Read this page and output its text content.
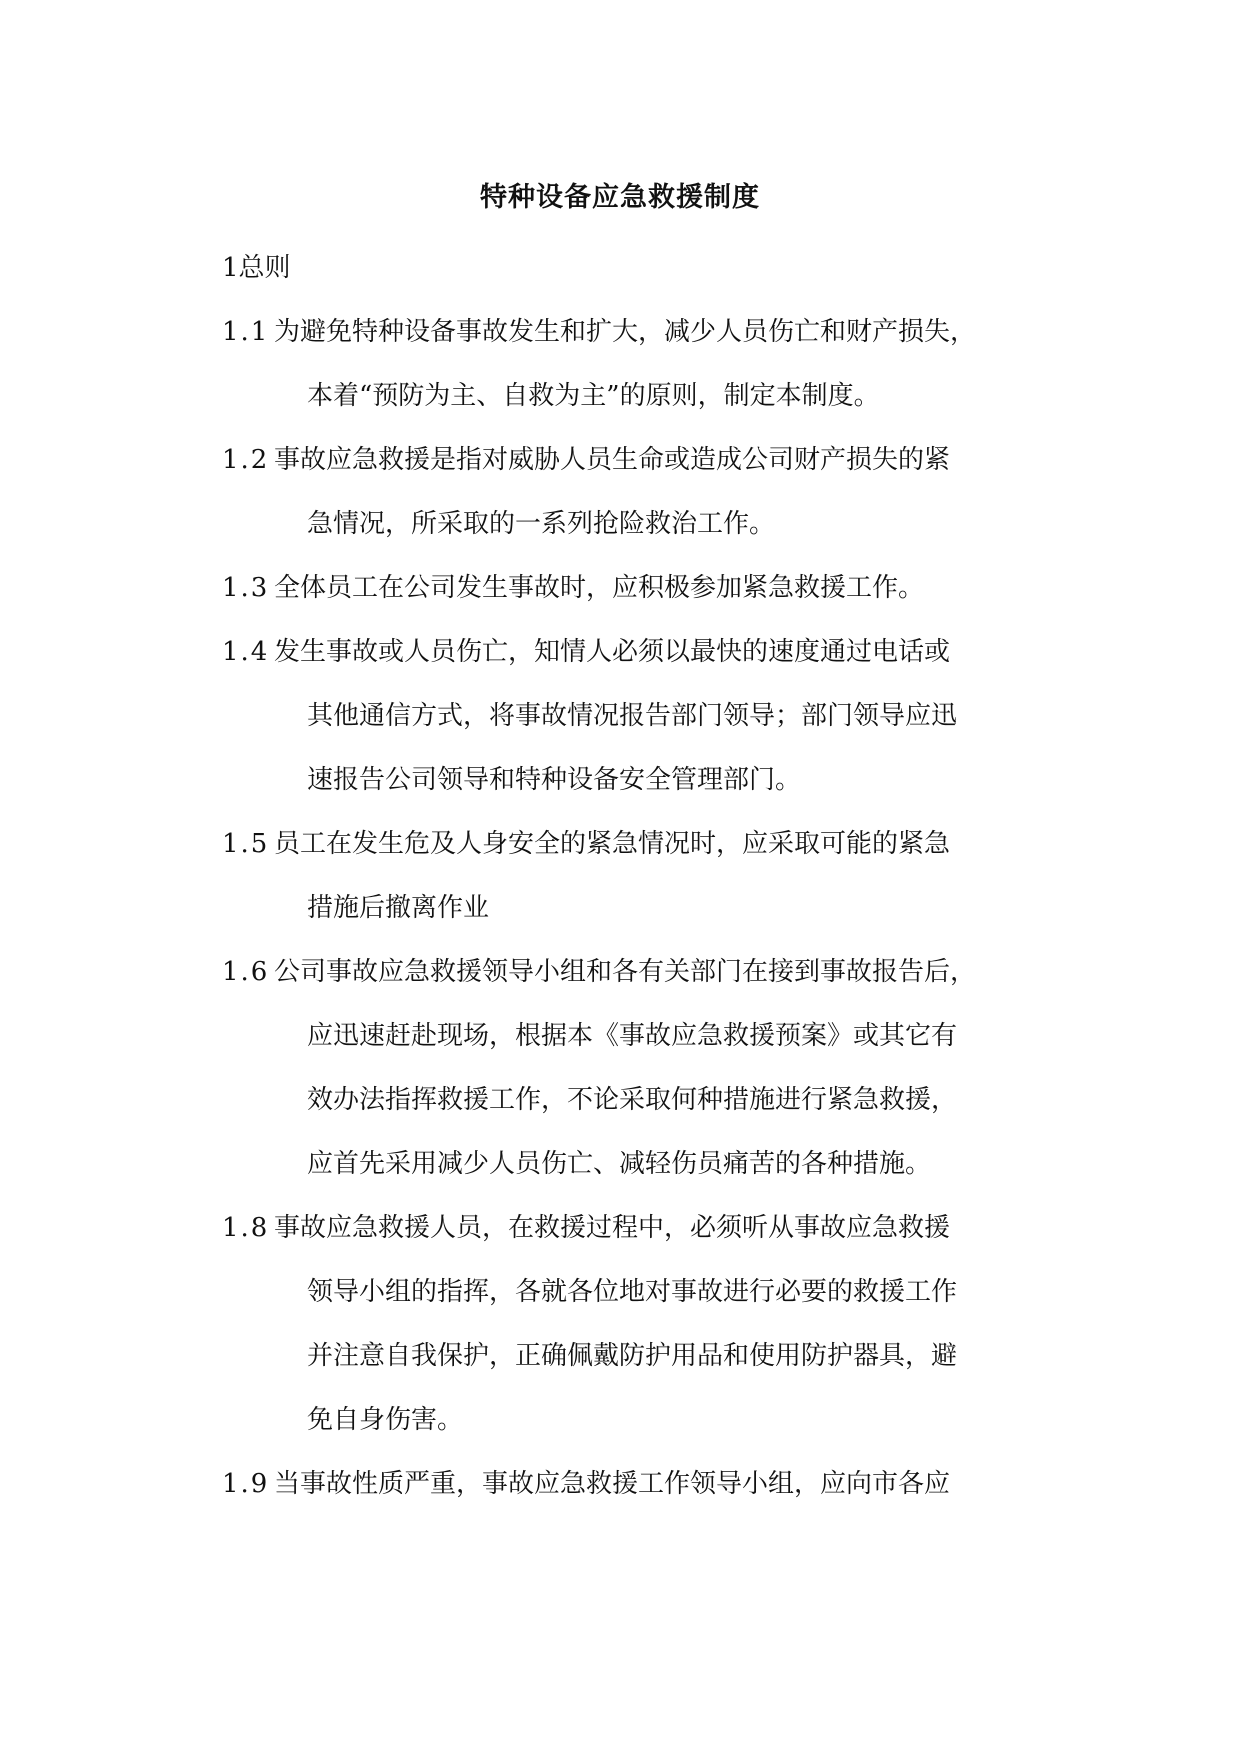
特种设备应急救援制度
1总则
1.1 为避免特种设备事故发生和扩大，减少人员伤亡和财产损失，
本着“预防为主、自救为主”的原则，制定本制度。
1.2 事故应急救援是指对威胁人员生命或造成公司财产损失的紧
急情况，所采取的一系列抢险救治工作。
1.3 全体员工在公司发生事故时，应积极参加紧急救援工作。
1.4 发生事故或人员伤亡，知情人必须以最快的速度通过电话或
其他通信方式，将事故情况报告部门领导；部门领导应迅
速报告公司领导和特种设备安全管理部门。
1.5 员工在发生危及人身安全的紧急情况时，应采取可能的紧急
措施后撤离作业
1.6 公司事故应急救援领导小组和各有关部门在接到事故报告后，
应迅速赶赴现场，根据本《事故应急救援预案》或其它有
效办法指挥救援工作，不论采取何种措施进行紧急救援，
应首先采用减少人员伤亡、减轻伤员痛苦的各种措施。
1.8 事故应急救援人员，在救援过程中，必须听从事故应急救援
领导小组的指挥，各就各位地对事故进行必要的救援工作
并注意自我保护，正确佩戴防护用品和使用防护器具，避
免自身伤害。
1.9 当事故性质严重，事故应急救援工作领导小组，应向市各应
